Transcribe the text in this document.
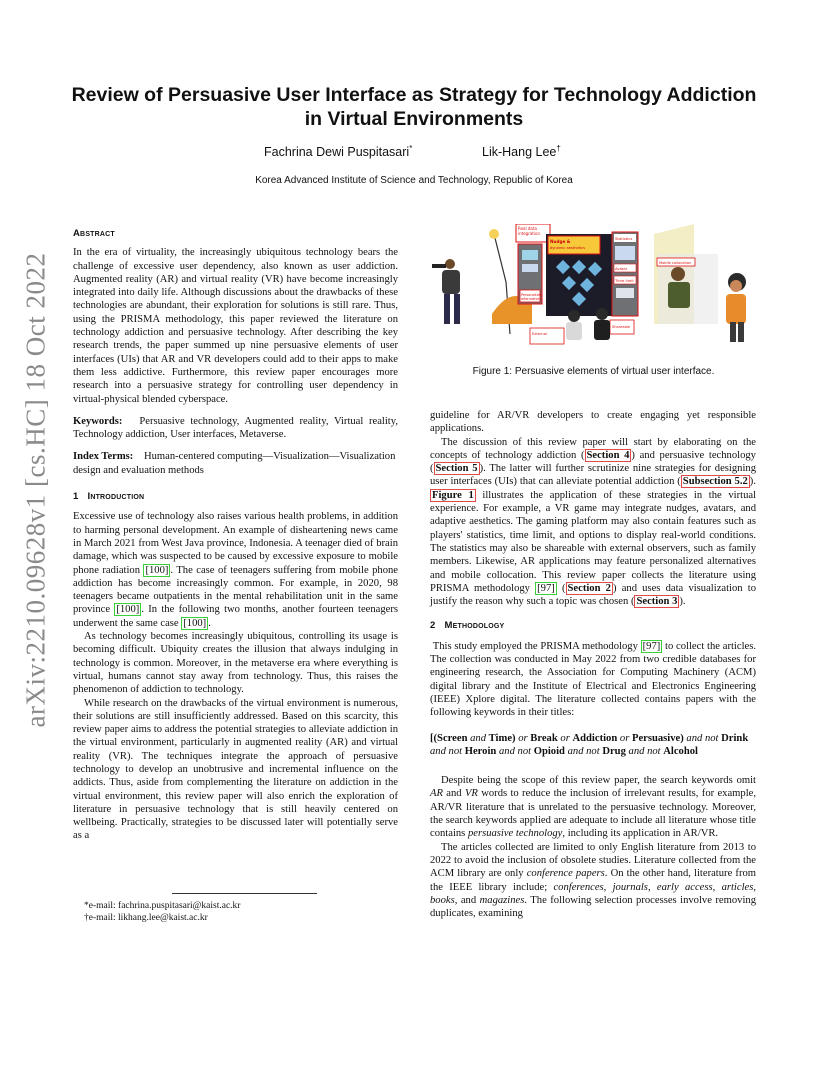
arXiv:2210.09628v1 [cs.HC] 18 Oct 2022
Review of Persuasive User Interface as Strategy for Technology Addiction
in Virtual Environments
Fachrina Dewi Puspitasari*	Lik-Hang Lee†
Korea Advanced Institute of Science and Technology, Republic of Korea
Abstract

In the era of virtuality, the increasingly ubiquitous technology bears the challenge of excessive user dependency, also known as user addiction. Augmented reality (AR) and virtual reality (VR) have become increasingly integrated into daily life. Although discussions about the drawbacks of these technologies are abundant, their exploration for solutions is still rare. Thus, using the PRISMA methodology, this paper reviewed the literature on technology addiction and persuasive technology. After describing the key research trends, the paper summed up nine persuasive elements of user interfaces (UIs) that AR and VR developers could add to their apps to make them less addictive. Furthermore, this review paper encourages more research into a persuasive strategy for controlling user dependency in virtual-physical blended cyberspace.

Keywords: Persuasive technology, Augmented reality, Virtual reality, Technology addiction, User interfaces, Metaverse.

Index Terms: Human-centered computing—Visualization—Visualization design and evaluation methods

1 Introduction

Excessive use of technology also raises various health problems, in addition to harming personal development. An example of disheartening news came in March 2021 from West Java province, Indonesia. A teenager died of brain damage, which was suspected to be caused by excessive exposure to mobile phone radiation [100] . The case of teenagers suffering from mobile phone addiction has become increasingly common. For example, in 2020, 98 teenagers became outpatients in the mental rehabilitation unit in the same province [100] . In the following two months, another fourteen teenagers underwent the same case [100] .

As technology becomes increasingly ubiquitous, controlling its usage is becoming difficult. Ubiquity creates the illusion that always indulging in technology is common. Moreover, in the metaverse era where everything is virtual, humans cannot stay away from technology. Thus, this raises the phenomenon of addiction to technology.

While research on the drawbacks of the virtual environment is numerous, their solutions are still insufficiently addressed. Based on this scarcity, this review paper aims to address the potential strategies to alleviate addiction in the virtual environment, particularly in augmented reality (AR) and virtual reality (VR). The techniques integrate the approach of persuasive technology to develop an unobtrusive and incremental influence on the addicts. Thus, aside from complementing the literature on addiction in the virtual environment, this review paper will also enrich the exploration of literature in persuasive technology that is still heavily centered on wellbeing. Practically, strategies to be discussed later will potentially serve as a

*e-mail: fachrina.puspitasari@kaist.ac.kr
†e-mail: likhang.lee@kaist.ac.kr
Real data
integration
Personalized
alternatives
Nudge &
dynamic aesthetics
Statistics
Avatar
Time limit
External
Shareable
Mobile collocation
Figure 1: Persuasive elements of virtual user interface.

guideline for AR/VR developers to create engaging yet responsible applications.

The discussion of this review paper will start by elaborating on the concepts of technology addiction ( Section 4 ) and persuasive technology ( Section 5 ). The latter will further scrutinize nine strategies for designing user interfaces (UIs) that can alleviate potential addiction ( Subsection 5.2 ). Figure 1 illustrates the application of these strategies in the virtual experience. For example, a VR game may integrate nudges, avatars, and adaptive aesthetics. The gaming platform may also contain features such as players' statistics, time limit, and options to display real-world conditions. The statistics may also be shareable with external observers, such as family members. Likewise, AR applications may feature personalized alternatives and mobile collocation. This review paper collects the literature using PRISMA methodology [97] ( Section 2 ) and uses data visualization to justify the reason why such a topic was chosen ( Section 3 ).

2 Methodology

This study employed the PRISMA methodology [97] to collect the articles. The collection was conducted in May 2022 from two credible databases for engineering research, the Association for Computing Machinery (ACM) digital library and the Institute of Electrical and Electronics Engineering (IEEE) Xplore digital. The literature collected contains papers with the following keywords in their titles:

[(Screen and Time) or Break or Addiction or Persuasive) and not Drink and not Heroin and not Opioid and not Drug and not Alcohol

Despite being the scope of this review paper, the search keywords omit AR and VR words to reduce the inclusion of irrelevant results, for example, AR/VR literature that is unrelated to the persuasive technology. Moreover, the search keywords applied are adequate to include all literature whose title contains persuasive technology, including its application in AR/VR.

The articles collected are limited to only English literature from 2013 to 2022 to avoid the inclusion of obsolete studies. Literature collected from the ACM library are only conference papers. On the other hand, literature from the IEEE library include; conferences, journals, early access, articles, books, and magazines. The following selection processes involve removing duplicates, examining
